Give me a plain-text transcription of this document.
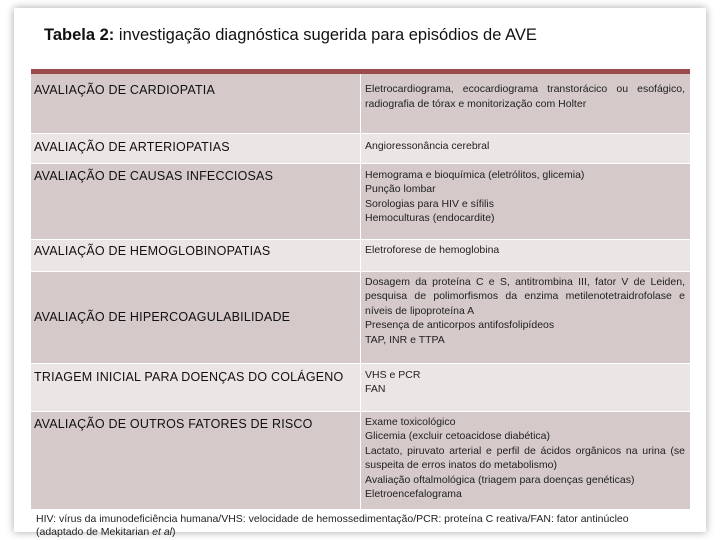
Tabela 2: investigação diagnóstica sugerida para episódios de AVE

AVALIAÇÃO DE CARDIOPATIA	Eletrocardiograma, ecocardiograma transtorácico ou esofágico, radiografia de tórax e monitorização com Holter

AVALIAÇÃO DE ARTERIOPATIAS	Angioressonância cerebral

AVALIAÇÃO DE CAUSAS INFECCIOSAS	Hemograma e bioquímica (eletrólitos, glicemia)
Punção lombar
Sorologias para HIV e sífilis
Hemoculturas (endocardite)

AVALIAÇÃO DE HEMOGLOBINOPATIAS	Eletroforese de hemoglobina

AVALIAÇÃO DE HIPERCOAGULABILIDADE	Dosagem da proteína C e S, antitrombina III, fator V de Leiden, pesquisa de polimorfismos da enzima metilenotetraidrofolase e níveis de lipoproteína A
Presença de anticorpos antifosfolipídeos
TAP, INR e TTPA

TRIAGEM INICIAL PARA DOENÇAS DO COLÁGENO	VHS e PCR
FAN

AVALIAÇÃO DE OUTROS FATORES DE RISCO	Exame toxicológico
Glicemia (excluir cetoacidose diabética)
Lactato, piruvato arterial e perfil de ácidos orgânicos na urina (se suspeita de erros inatos do metabolismo)
Avaliação oftalmológica (triagem para doenças genéticas)
Eletroencefalograma
HIV: vírus da imunodeficiência humana/VHS: velocidade de hemossedimentação/PCR: proteína C reativa/FAN: fator antinúcleo
(adaptado de Mekitarian et al)
